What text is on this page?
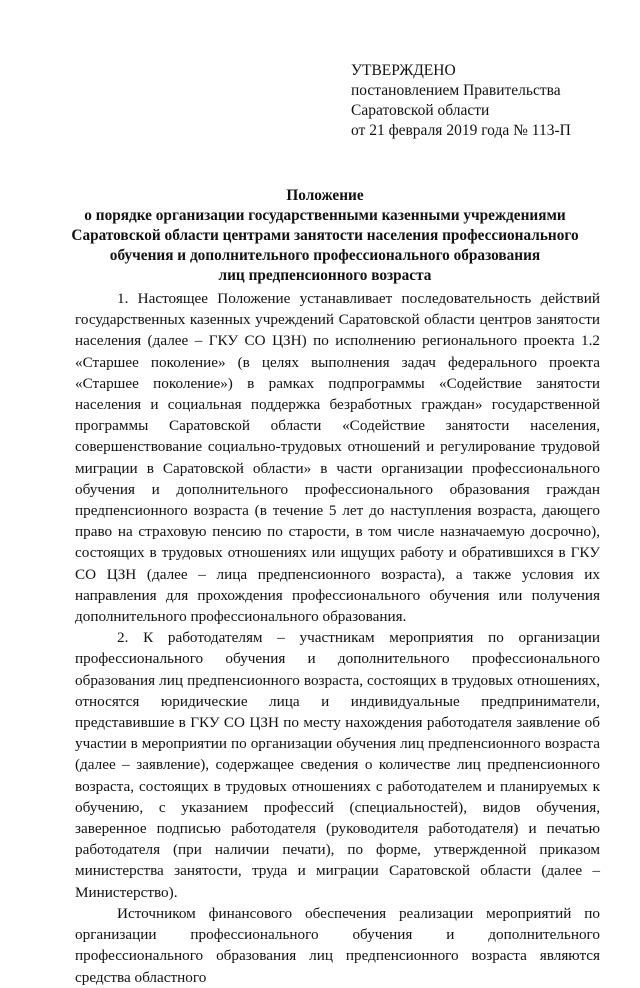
УТВЕРЖДЕНО
постановлением Правительства
Саратовской области
от 21 февраля 2019 года № 113-П
Положение
о порядке организации государственными казенными учреждениями
Саратовской области центрами занятости населения профессионального
обучения и дополнительного профессионального образования
лиц предпенсионного возраста

1. Настоящее Положение устанавливает последовательность действий государственных казенных учреждений Саратовской области центров занятости населения (далее – ГКУ СО ЦЗН) по исполнению регионального проекта 1.2 «Старшее поколение» (в целях выполнения задач федерального проекта «Старшее поколение») в рамках подпрограммы «Содействие занятости населения и социальная поддержка безработных граждан» государственной программы Саратовской области «Содействие занятости населения, совершенствование социально-трудовых отношений и регулирование трудовой миграции в Саратовской области» в части организации профессионального обучения и дополнительного профессионального образования граждан предпенсионного возраста (в течение 5 лет до наступления возраста, дающего право на страховую пенсию по старости, в том числе назначаемую досрочно), состоящих в трудовых отношениях или ищущих работу и обратившихся в ГКУ СО ЦЗН (далее – лица предпенсионного возраста), а также условия их направления для прохождения профессионального обучения или получения дополнительного профессионального образования.

2. К работодателям – участникам мероприятия по организации профессионального обучения и дополнительного профессионального образования лиц предпенсионного возраста, состоящих в трудовых отношениях, относятся юридические лица и индивидуальные предприниматели, представившие в ГКУ СО ЦЗН по месту нахождения работодателя заявление об участии в мероприятии по организации обучения лиц предпенсионного возраста (далее – заявление), содержащее сведения о количестве лиц предпенсионного возраста, состоящих в трудовых отношениях с работодателем и планируемых к обучению, с указанием профессий (специальностей), видов обучения, заверенное подписью работодателя (руководителя работодателя) и печатью работодателя (при наличии печати), по форме, утвержденной приказом министерства занятости, труда и миграции Саратовской области (далее – Министерство).

Источником финансового обеспечения реализации мероприятий по организации профессионального обучения и дополнительного профессионального образования лиц предпенсионного возраста являются средства областного
